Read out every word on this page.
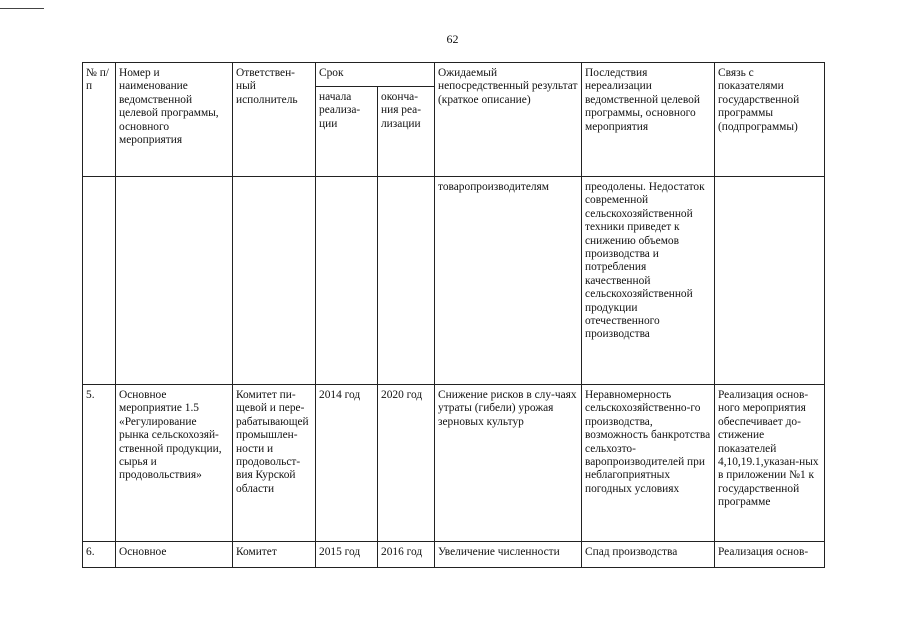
62
№ п/п	Номер и наименование ведомственной целевой программы, основного мероприятия	Ответствен-ный исполнитель	Срок		Ожидаемый непосредственный результат (краткое описание)	Последствия нереализации ведомственной целевой программы, основного мероприятия	Связь с показателями государственной программы (подпрограммы)
			начала реализа-ции	оконча-ния реа-лизации			
					товаропроизводителям	преодолены. Недостаток современной сельскохозяйственной техники приведет к снижению объемов производства и потребления качественной сельскохозяйственной продукции отечественного производства	
5.	Основное мероприятие 1.5 «Регулирование рынка сельскохозяй-ственной продукции, сырья и продовольствия»	Комитет пи-щевой и пере-рабатывающей промышлен-ности и продовольст-вия Курской области	2014 год	2020 год	Снижение рисков в слу-чаях утраты (гибели) урожая зерновых культур	Неравномерность сельскохозяйственно-го производства, возможность банкротства сельхозто-варопроизводителей при неблагоприятных погодных условиях	Реализация основ-ного мероприятия обеспечивает до-стижение показателей 4,10,19.1,указан-ных в приложении №1 к государственной программе
6.	Основное	Комитет	2015 год	2016 год	Увеличение численности	Спад производства	Реализация основ-
